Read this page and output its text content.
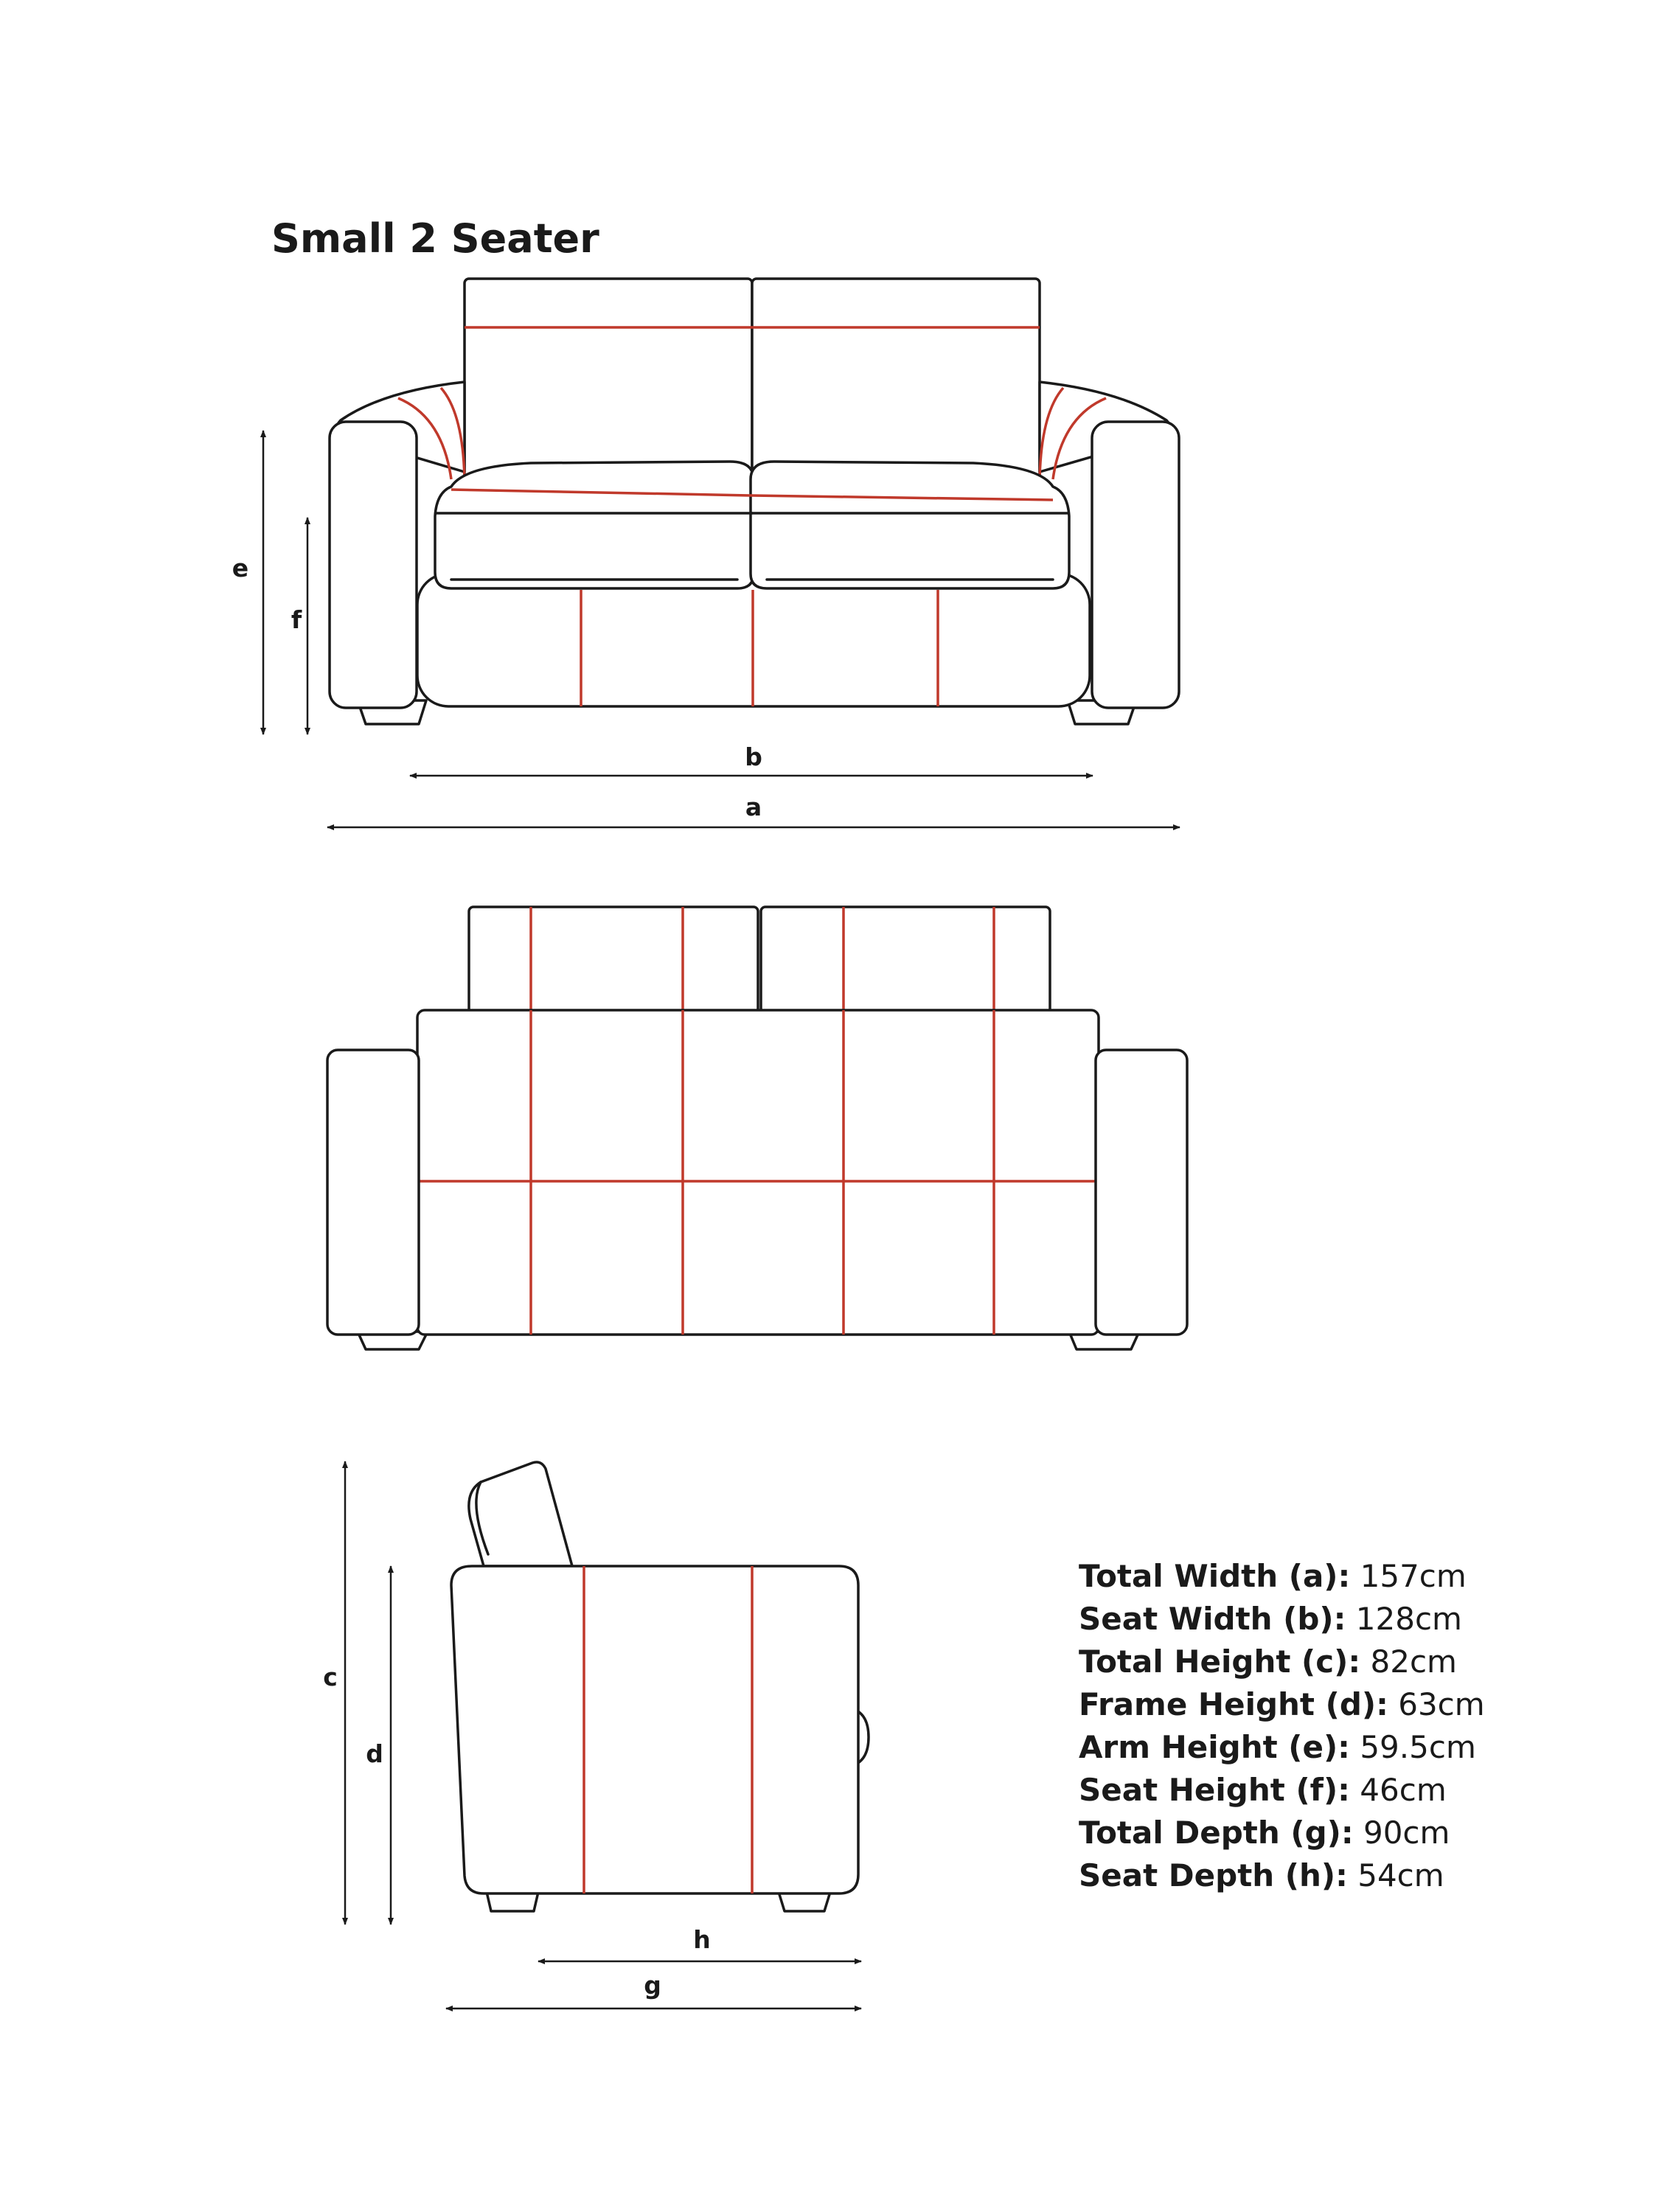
Small 2 Seater
e
f
b
a
c
d
h
g
Total Width (a): 157cm
Seat Width (b): 128cm
Total Height (c): 82cm
Frame Height (d): 63cm
Arm Height (e): 59.5cm
Seat Height (f): 46cm
Total Depth (g): 90cm
Seat Depth (h): 54cm
